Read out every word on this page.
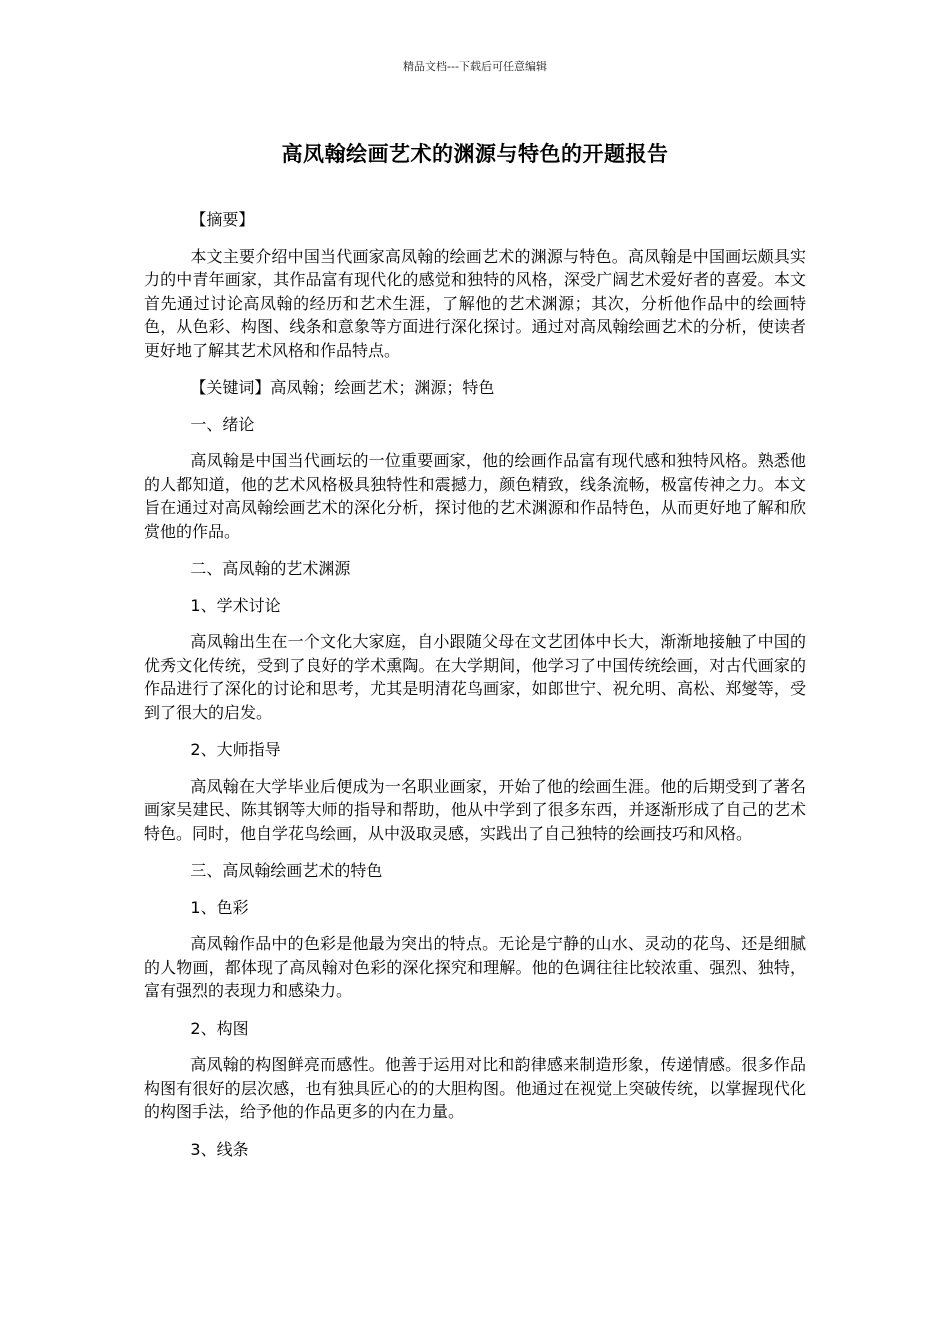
精品文档---下载后可任意编辑
高凤翰绘画艺术的渊源与特色的开题报告

【摘要】

本文主要介绍中国当代画家高凤翰的绘画艺术的渊源与特色。高凤翰是中国画坛颇具实力的中青年画家，其作品富有现代化的感觉和独特的风格，深受广阔艺术爱好者的喜爱。本文首先通过讨论高凤翰的经历和艺术生涯，了解他的艺术渊源；其次，分析他作品中的绘画特色，从色彩、构图、线条和意象等方面进行深化探讨。通过对高凤翰绘画艺术的分析，使读者更好地了解其艺术风格和作品特点。

【关键词】高凤翰；绘画艺术；渊源；特色

一、绪论

高凤翰是中国当代画坛的一位重要画家，他的绘画作品富有现代感和独特风格。熟悉他的人都知道，他的艺术风格极具独特性和震撼力，颜色精致，线条流畅，极富传神之力。本文旨在通过对高凤翰绘画艺术的深化分析，探讨他的艺术渊源和作品特色，从而更好地了解和欣赏他的作品。

二、高凤翰的艺术渊源

1、学术讨论

高凤翰出生在一个文化大家庭，自小跟随父母在文艺团体中长大，渐渐地接触了中国的优秀文化传统，受到了良好的学术熏陶。在大学期间，他学习了中国传统绘画，对古代画家的作品进行了深化的讨论和思考，尤其是明清花鸟画家，如郎世宁、祝允明、高松、郑燮等，受到了很大的启发。

2、大师指导

高凤翰在大学毕业后便成为一名职业画家，开始了他的绘画生涯。他的后期受到了著名画家吴建民、陈其钢等大师的指导和帮助，他从中学到了很多东西，并逐渐形成了自己的艺术特色。同时，他自学花鸟绘画，从中汲取灵感，实践出了自己独特的绘画技巧和风格。

三、高凤翰绘画艺术的特色

1、色彩

高凤翰作品中的色彩是他最为突出的特点。无论是宁静的山水、灵动的花鸟、还是细腻的人物画，都体现了高凤翰对色彩的深化探究和理解。他的色调往往比较浓重、强烈、独特，富有强烈的表现力和感染力。

2、构图

高凤翰的构图鲜亮而感性。他善于运用对比和韵律感来制造形象，传递情感。很多作品构图有很好的层次感，也有独具匠心的的大胆构图。他通过在视觉上突破传统，以掌握现代化的构图手法，给予他的作品更多的内在力量。

3、线条
